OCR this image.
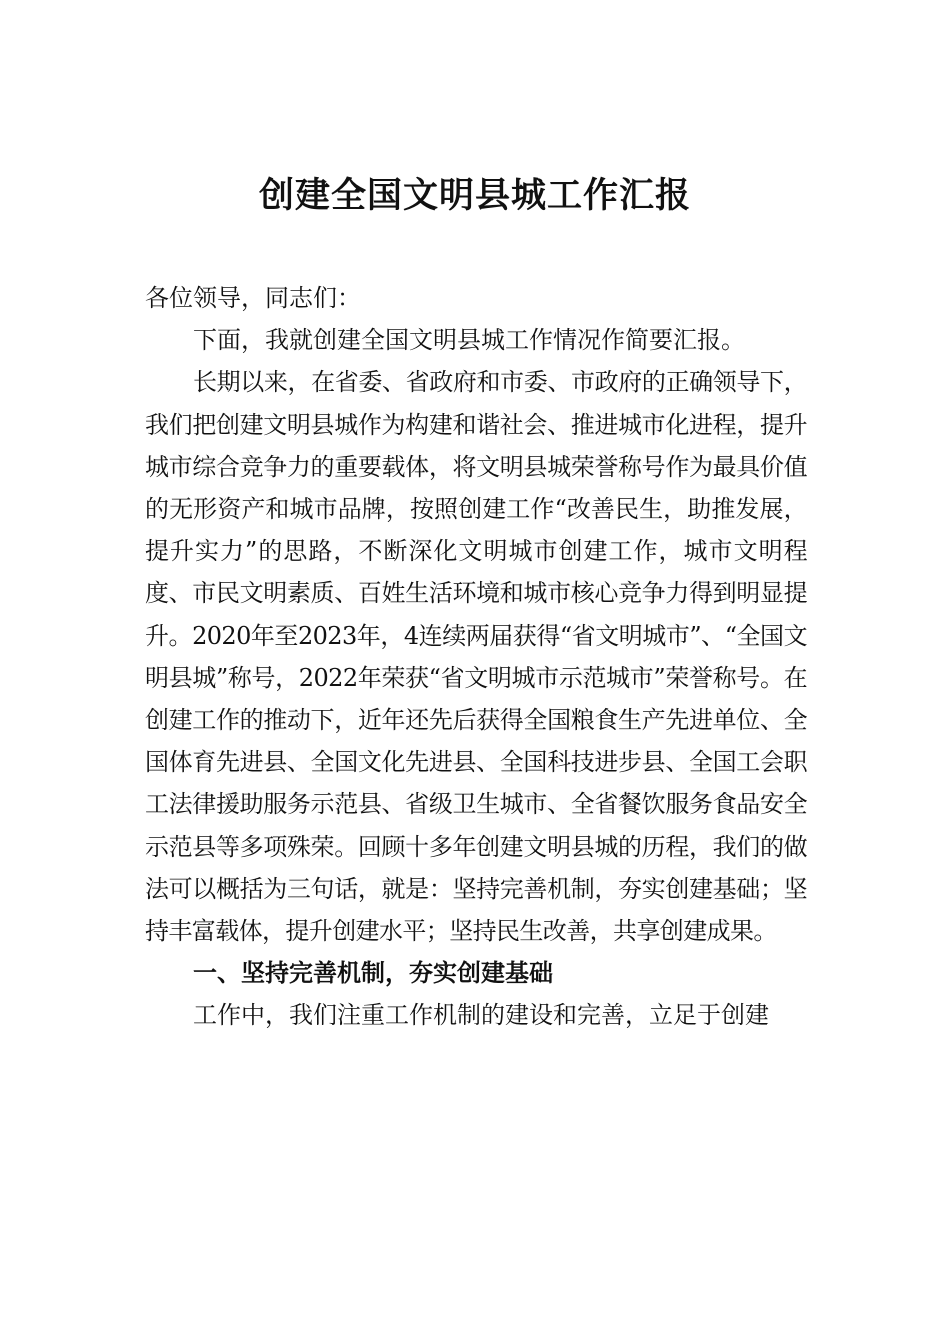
创建全国文明县城工作汇报

各位领导，同志们：

下面，我就创建全国文明县城工作情况作简要汇报。

长期以来，在省委、省政府和市委、市政府的正确领导下，我们把创建文明县城作为构建和谐社会、推进城市化进程，提升城市综合竞争力的重要载体，将文明县城荣誉称号作为最具价值的无形资产和城市品牌，按照创建工作“改善民生，助推发展，提升实力”的思路，不断深化文明城市创建工作，城市文明程度、市民文明素质、百姓生活环境和城市核心竞争力得到明显提升。2020年至2023年，4连续两届获得“省文明城市”、“全国文明县城”称号，2022年荣获“省文明城市示范城市”荣誉称号。在创建工作的推动下，近年还先后获得全国粮食生产先进单位、全国体育先进县、全国文化先进县、全国科技进步县、全国工会职工法律援助服务示范县、省级卫生城市、全省餐饮服务食品安全示范县等多项殊荣。回顾十多年创建文明县城的历程，我们的做法可以概括为三句话，就是：坚持完善机制，夯实创建基础；坚持丰富载体，提升创建水平；坚持民生改善，共享创建成果。

一、坚持完善机制，夯实创建基础

工作中，我们注重工作机制的建设和完善，立足于创建
